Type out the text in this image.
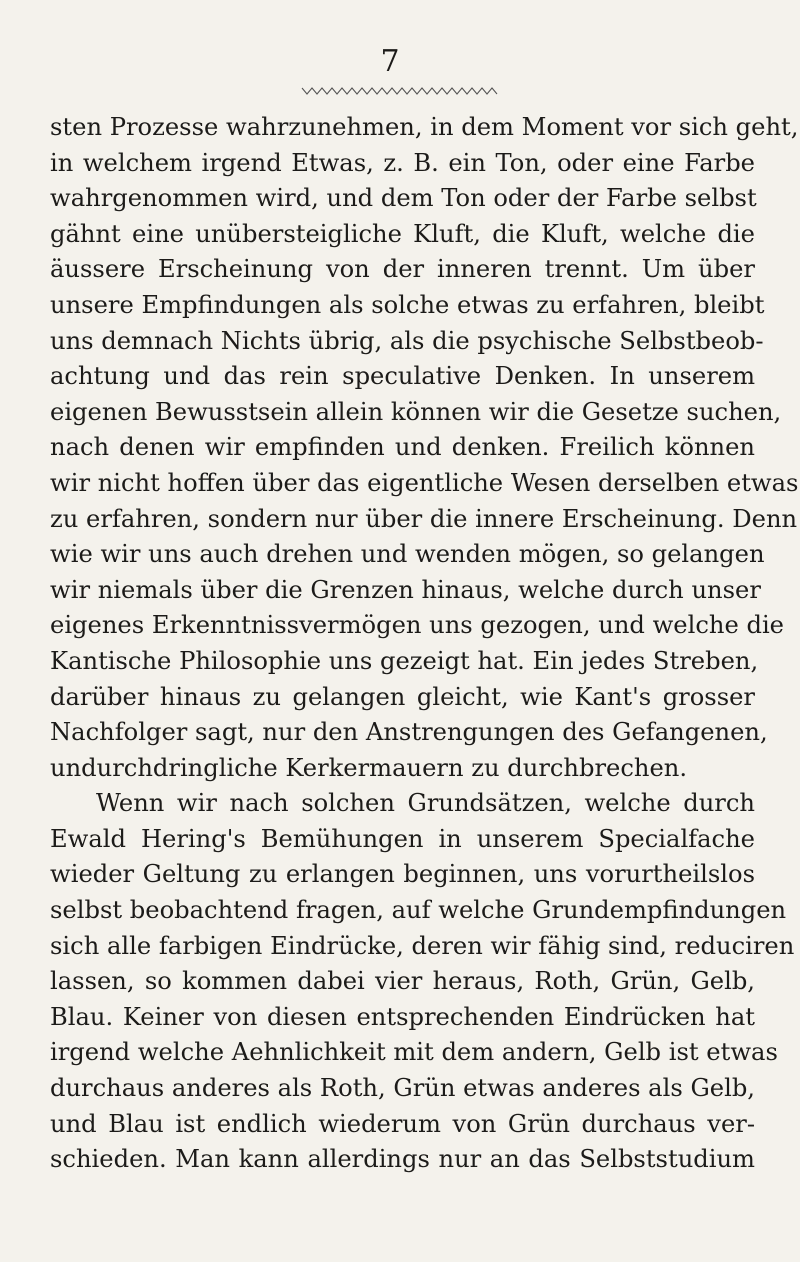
7
sten Prozesse wahrzunehmen, in dem Moment vor sich geht,
in welchem irgend Etwas, z. B. ein Ton, oder eine Farbe
wahrgenommen wird, und dem Ton oder der Farbe selbst
gähnt eine unübersteigliche Kluft, die Kluft, welche die
äussere Erscheinung von der inneren trennt. Um über
unsere Empfindungen als solche etwas zu erfahren, bleibt
uns demnach Nichts übrig, als die psychische Selbstbeob-
achtung und das rein speculative Denken. In unserem
eigenen Bewusstsein allein können wir die Gesetze suchen,
nach denen wir empfinden und denken. Freilich können
wir nicht hoffen über das eigentliche Wesen derselben etwas
zu erfahren, sondern nur über die innere Erscheinung. Denn
wie wir uns auch drehen und wenden mögen, so gelangen
wir niemals über die Grenzen hinaus, welche durch unser
eigenes Erkenntnissvermögen uns gezogen, und welche die
Kantische Philosophie uns gezeigt hat. Ein jedes Streben,
darüber hinaus zu gelangen gleicht, wie Kant's grosser
Nachfolger sagt, nur den Anstrengungen des Gefangenen,
undurchdringliche Kerkermauern zu durchbrechen.
Wenn wir nach solchen Grundsätzen, welche durch
Ewald Hering's Bemühungen in unserem Specialfache
wieder Geltung zu erlangen beginnen, uns vorurtheilslos
selbst beobachtend fragen, auf welche Grundempfindungen
sich alle farbigen Eindrücke, deren wir fähig sind, reduciren
lassen, so kommen dabei vier heraus, Roth, Grün, Gelb,
Blau. Keiner von diesen entsprechenden Eindrücken hat
irgend welche Aehnlichkeit mit dem andern, Gelb ist etwas
durchaus anderes als Roth, Grün etwas anderes als Gelb,
und Blau ist endlich wiederum von Grün durchaus ver-
schieden. Man kann allerdings nur an das Selbststudium
